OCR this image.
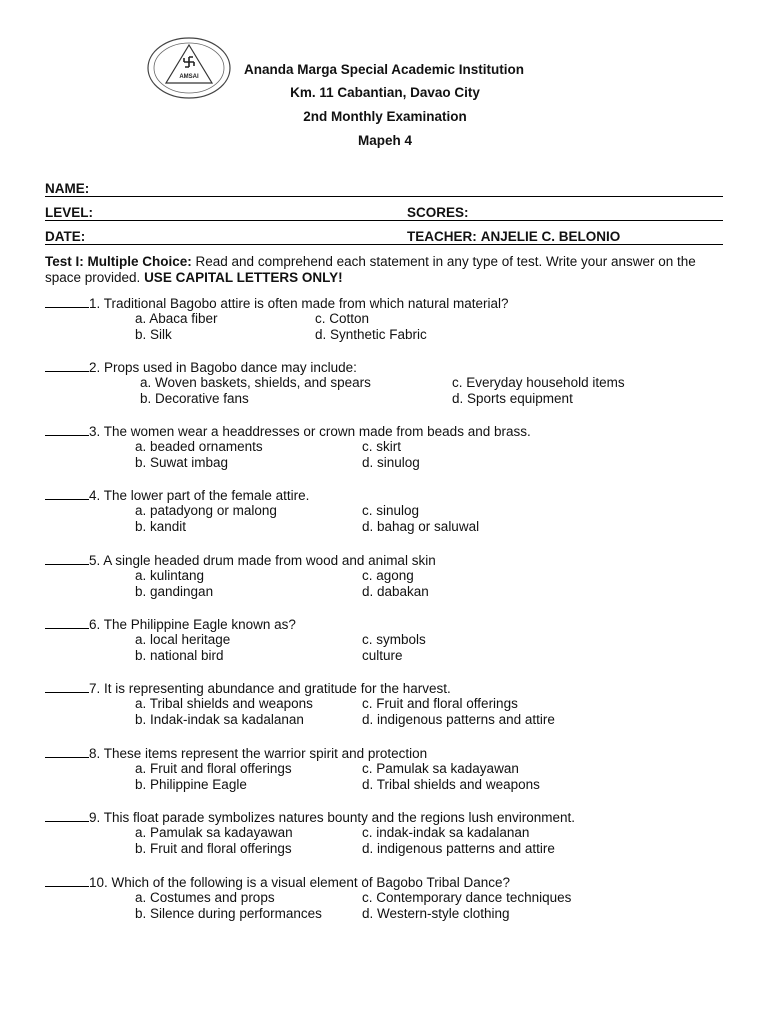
AMSAI	Ananda Marga Special Academic Institution
Km. 11 Cabantian, Davao City
2nd Monthly Examination
Mapeh 4
NAME:
LEVEL:	SCORES:
DATE:	TEACHER: ANJELIE C. BELONIO
Test I: Multiple Choice: Read and comprehend each statement in any type of test. Write your answer on the space provided. USE CAPITAL LETTERS ONLY!
1. Traditional Bagobo attire is often made from which natural material?
a. Abaca fiber
b. Silk
c. Cotton
d. Synthetic Fabric
2. Props used in Bagobo dance may include:
a. Woven baskets, shields, and spears
b. Decorative fans
c. Everyday household items
d. Sports equipment
3. The women wear a headdresses or crown made from beads and brass.
a. beaded ornaments
b. Suwat imbag
c. skirt
d. sinulog
4. The lower part of the female attire.
a. patadyong or malong
b. kandit
c. sinulog
d. bahag or saluwal
5. A single headed drum made from wood and animal skin
a. kulintang
b. gandingan
c. agong
d. dabakan
6. The Philippine Eagle known as?
a. local heritage
b. national bird
c. symbols
culture
7. It is representing abundance and gratitude for the harvest.
a. Tribal shields and weapons
b. Indak-indak sa kadalanan
c. Fruit and floral offerings
d. indigenous patterns and attire
8. These items represent the warrior spirit and protection
a. Fruit and floral offerings
b. Philippine Eagle
c. Pamulak sa kadayawan
d. Tribal shields and weapons
9. This float parade symbolizes natures bounty and the regions lush environment.
a. Pamulak sa kadayawan
b. Fruit and floral offerings
c. indak-indak sa kadalanan
d. indigenous patterns and attire
10. Which of the following is a visual element of Bagobo Tribal Dance?
a. Costumes and props
b. Silence during performances
c. Contemporary dance techniques
d. Western-style clothing
